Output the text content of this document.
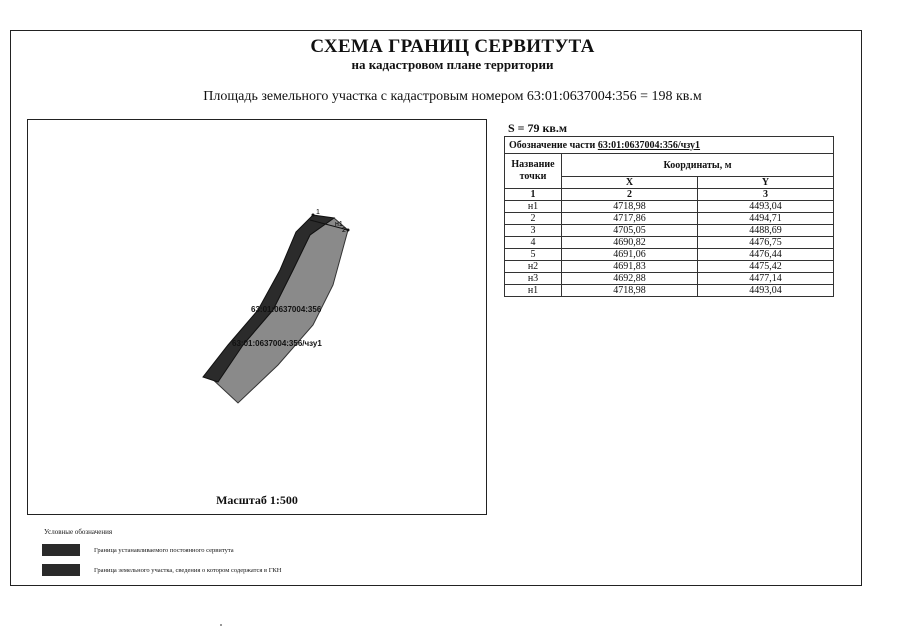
СХЕМА ГРАНИЦ СЕРВИТУТА
на кадастровом плане территории
Площадь земельного участка с кадастровым номером 63:01:0637004:356 = 198 кв.м
1
н1
2
63:01:0637004:356
63:01:0637004:356/чзу1
Масштаб 1:500
S = 79 кв.м
Обозначение части 63:01:0637004:356/чзу1		
Название точки	Координаты, м	
	X	Y
1	2	3
н1	4718,98	4493,04
2	4717,86	4494,71
3	4705,05	4488,69
4	4690,82	4476,75
5	4691,06	4476,44
н2	4691,83	4475,42
н3	4692,88	4477,14
н1	4718,98	4493,04
Условные обозначения
Граница устанавливаемого постоянного сервитута
Граница земельного участка, сведения о котором содержатся в ГКН
